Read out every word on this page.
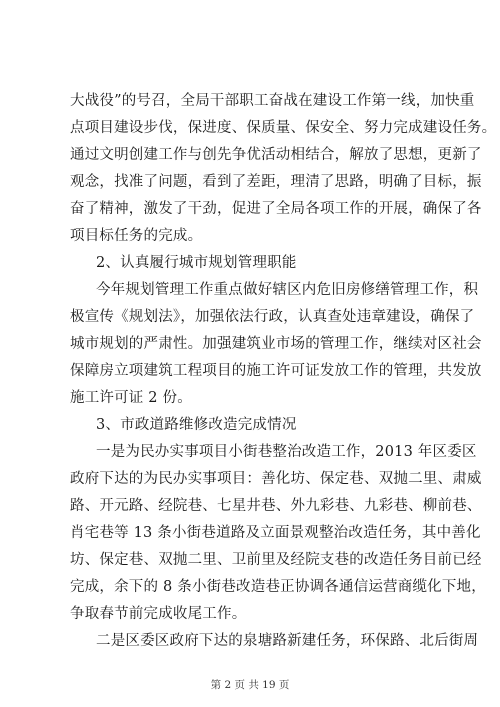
大战役”的号召，全局干部职工奋战在建设工作第一线，加快重
点项目建设步伐，保进度、保质量、保安全、努力完成建设任务。
通过文明创建工作与创先争优活动相结合，解放了思想，更新了
观念，找准了问题，看到了差距，理清了思路，明确了目标，振
奋了精神，激发了干劲，促进了全局各项工作的开展，确保了各
项目标任务的完成。
2、认真履行城市规划管理职能
今年规划管理工作重点做好辖区内危旧房修缮管理工作，积
极宣传《规划法》，加强依法行政，认真查处违章建设，确保了
城市规划的严肃性。加强建筑业市场的管理工作，继续对区社会
保障房立项建筑工程项目的施工许可证发放工作的管理，共发放
施工许可证 2 份。
3、市政道路维修改造完成情况
一是为民办实事项目小街巷整治改造工作，2013 年区委区
政府下达的为民办实事项目：善化坊、保定巷、双抛二里、肃威
路、开元路、经院巷、七星井巷、外九彩巷、九彩巷、柳前巷、
肖宅巷等 13 条小街巷道路及立面景观整治改造任务，其中善化
坊、保定巷、双抛二里、卫前里及经院支巷的改造任务目前已经
完成，余下的 8 条小街巷改造巷正协调各通信运营商缆化下地，
争取春节前完成收尾工作。
二是区委区政府下达的泉塘路新建任务，环保路、北后街周
第 2 页 共 19 页
